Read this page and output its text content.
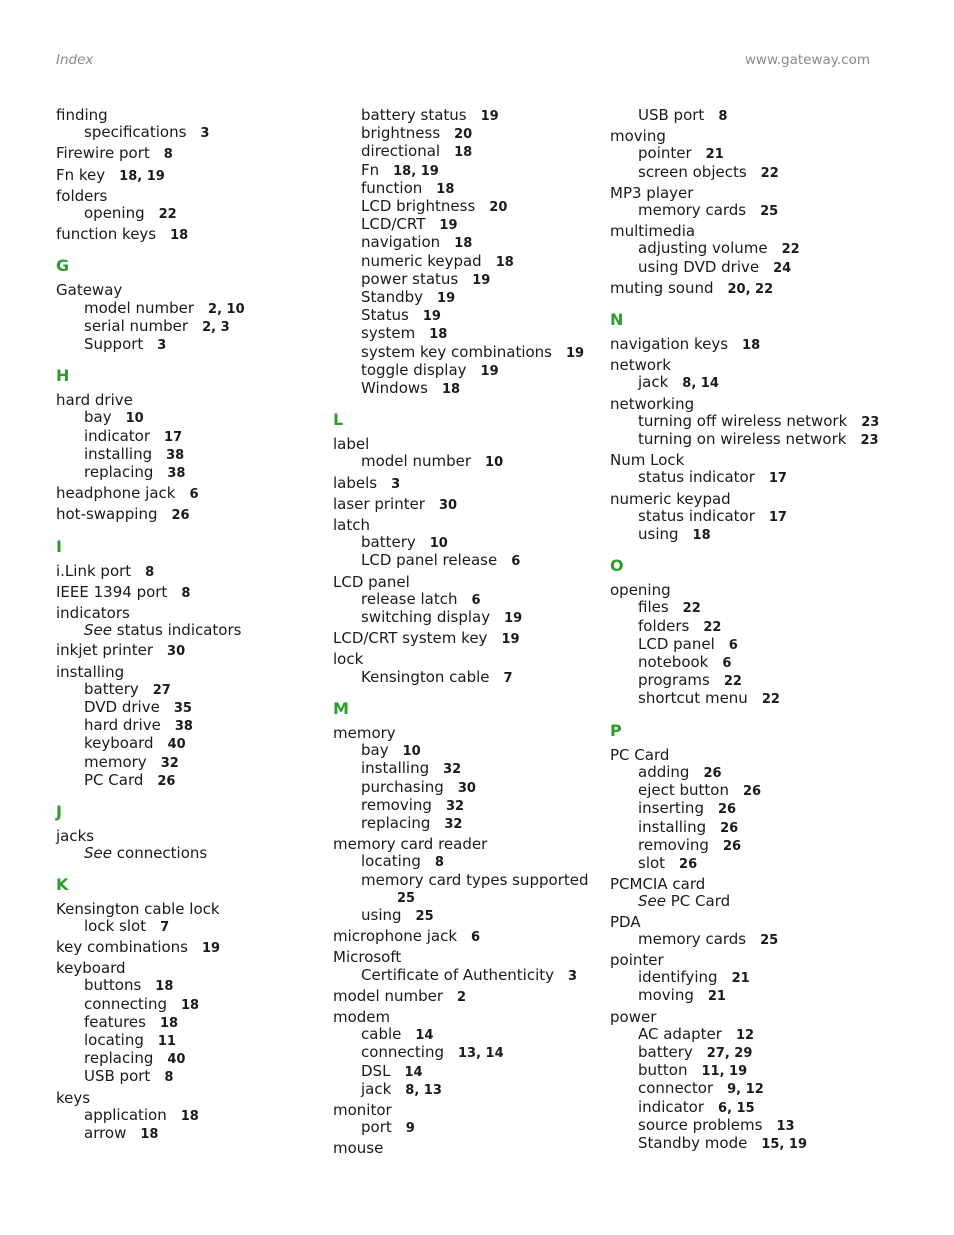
Index	www.gateway.com
finding
specifications 3
Firewire port 8
Fn key 18, 19
folders
opening 22
function keys 18
G
Gateway
model number 2, 10
serial number 2, 3
Support 3
H
hard drive
bay 10
indicator 17
installing 38
replacing 38
headphone jack 6
hot-swapping 26
I
i.Link port 8
IEEE 1394 port 8
indicators
See status indicators
inkjet printer 30
installing
battery 27
DVD drive 35
hard drive 38
keyboard 40
memory 32
PC Card 26
J
jacks
See connections
K
Kensington cable lock
lock slot 7
key combinations 19
keyboard
buttons 18
connecting 18
features 18
locating 11
replacing 40
USB port 8
keys
application 18
arrow 18
battery status 19
brightness 20
directional 18
Fn 18, 19
function 18
LCD brightness 20
LCD/CRT 19
navigation 18
numeric keypad 18
power status 19
Standby 19
Status 19
system 18
system key combinations 19
toggle display 19
Windows 18
L
label
model number 10
labels 3
laser printer 30
latch
battery 10
LCD panel release 6
LCD panel
release latch 6
switching display 19
LCD/CRT system key 19
lock
Kensington cable 7
M
memory
bay 10
installing 32
purchasing 30
removing 32
replacing 32
memory card reader
locating 8
memory card types supported
25
using 25
microphone jack 6
Microsoft
Certificate of Authenticity 3
model number 2
modem
cable 14
connecting 13, 14
DSL 14
jack 8, 13
monitor
port 9
mouse
USB port 8
moving
pointer 21
screen objects 22
MP3 player
memory cards 25
multimedia
adjusting volume 22
using DVD drive 24
muting sound 20, 22
N
navigation keys 18
network
jack 8, 14
networking
turning off wireless network 23
turning on wireless network 23
Num Lock
status indicator 17
numeric keypad
status indicator 17
using 18
O
opening
files 22
folders 22
LCD panel 6
notebook 6
programs 22
shortcut menu 22
P
PC Card
adding 26
eject button 26
inserting 26
installing 26
removing 26
slot 26
PCMCIA card
See PC Card
PDA
memory cards 25
pointer
identifying 21
moving 21
power
AC adapter 12
battery 27, 29
button 11, 19
connector 9, 12
indicator 6, 15
source problems 13
Standby mode 15, 19
